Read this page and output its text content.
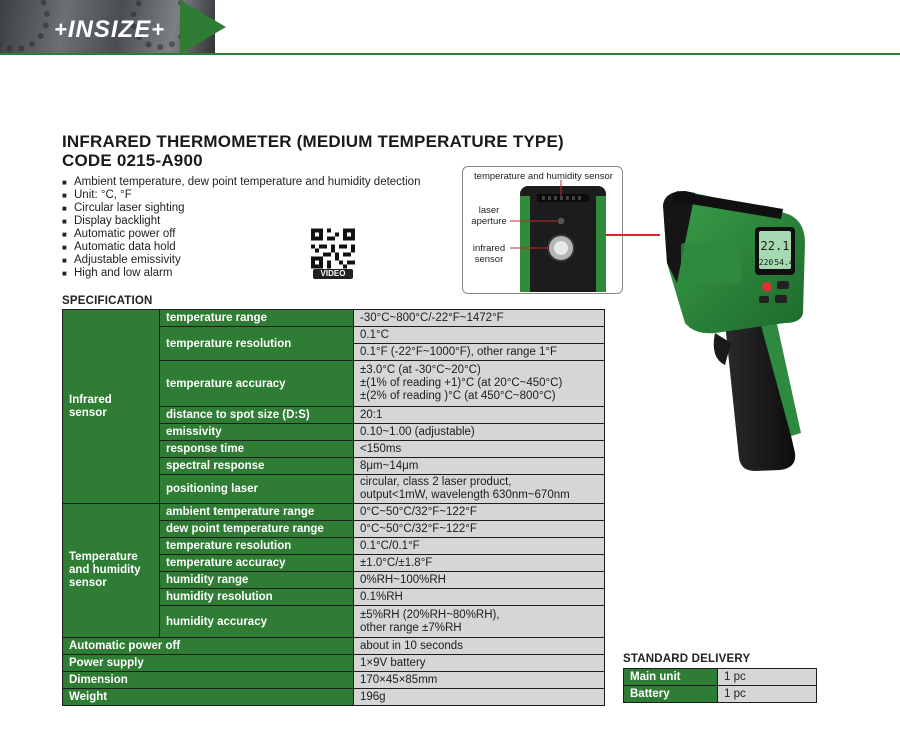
+INSIZE+
INFRARED THERMOMETER (MEDIUM TEMPERATURE TYPE)
CODE 0215-A900
■ Ambient temperature, dew point temperature and humidity detection
■ Unit: °C, °F
■ Circular laser sighting
■ Display backlight
■ Automatic power off
■ Automatic data hold
■ Adjustable emissivity
■ High and low alarm	VIDEO
temperature and humidity sensor
laser
aperture
infrared
sensor
22.1
220 54.4
SPECIFICATION
Infrared
sensor	temperature range	-30°C~800°C/-22°F~1472°F
	temperature resolution	0.1°C
		0.1°F (-22°F~1000°F), other range 1°F
	temperature accuracy	±3.0°C (at -30°C~20°C)
±(1% of reading +1)°C (at 20°C~450°C)
±(2% of reading )°C (at 450°C~800°C)
	distance to spot size (D:S)	20:1
	emissivity	0.10~1.00 (adjustable)
	response time	<150ms
	spectral response	8μm~14μm
	positioning laser	circular, class 2 laser product,
output<1mW, wavelength 630nm~670nm

Temperature
and humidity
sensor	ambient temperature range	0°C~50°C/32°F~122°F
	dew point temperature range	0°C~50°C/32°F~122°F
	temperature resolution	0.1°C/0.1°F
	temperature accuracy	±1.0°C/±1.8°F
	humidity range	0%RH~100%RH
	humidity resolution	0.1%RH
	humidity accuracy	±5%RH (20%RH~80%RH),
other range ±7%RH
Automatic power off		about in 10 seconds
Power supply		1×9V battery
Dimension		170×45×85mm
Weight		196g
STANDARD DELIVERY
Main unit	1 pc
Battery	1 pc
